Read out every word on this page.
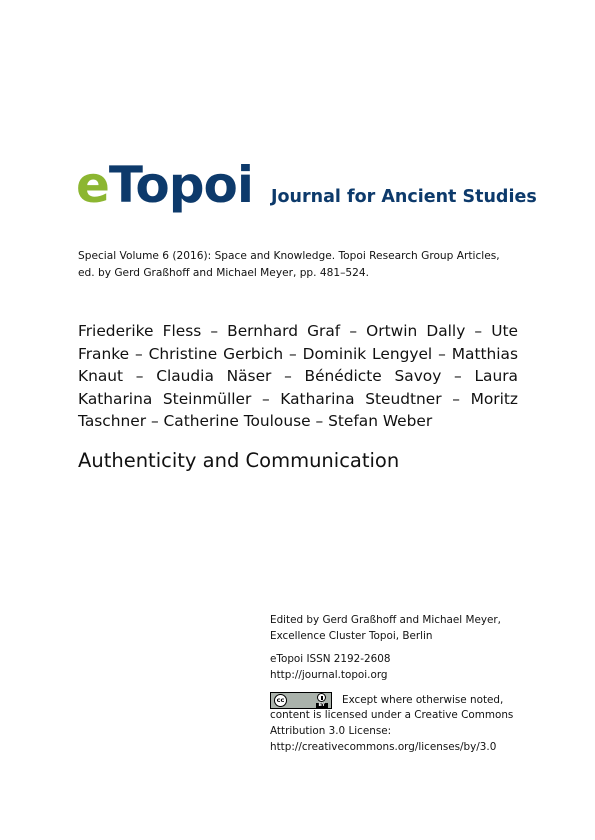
eTopoi Journal for Ancient Studies
Special Volume 6 (2016): Space and Knowledge. Topoi Research Group Articles,
ed. by Gerd Graßhoff and Michael Meyer, pp. 481–524.
Friederike Fless – Bernhard Graf – Ortwin Dally – Ute Franke – Christine Gerbich – Dominik Lengyel – Matthias Knaut – Claudia Näser – Bénédicte Savoy – Laura Katharina Steinmüller – Katharina Steudtner – Moritz Taschner – Catherine Toulouse – Stefan Weber
Authenticity and Communication
Edited by Gerd Graßhoff and Michael Meyer,
Excellence Cluster Topoi, Berlin
eTopoi ISSN 2192-2608
http://journal.topoi.org
cc
BY
Except where otherwise noted,
content is licensed under a Creative Commons
Attribution 3.0 License:
http://creativecommons.org/licenses/by/3.0
